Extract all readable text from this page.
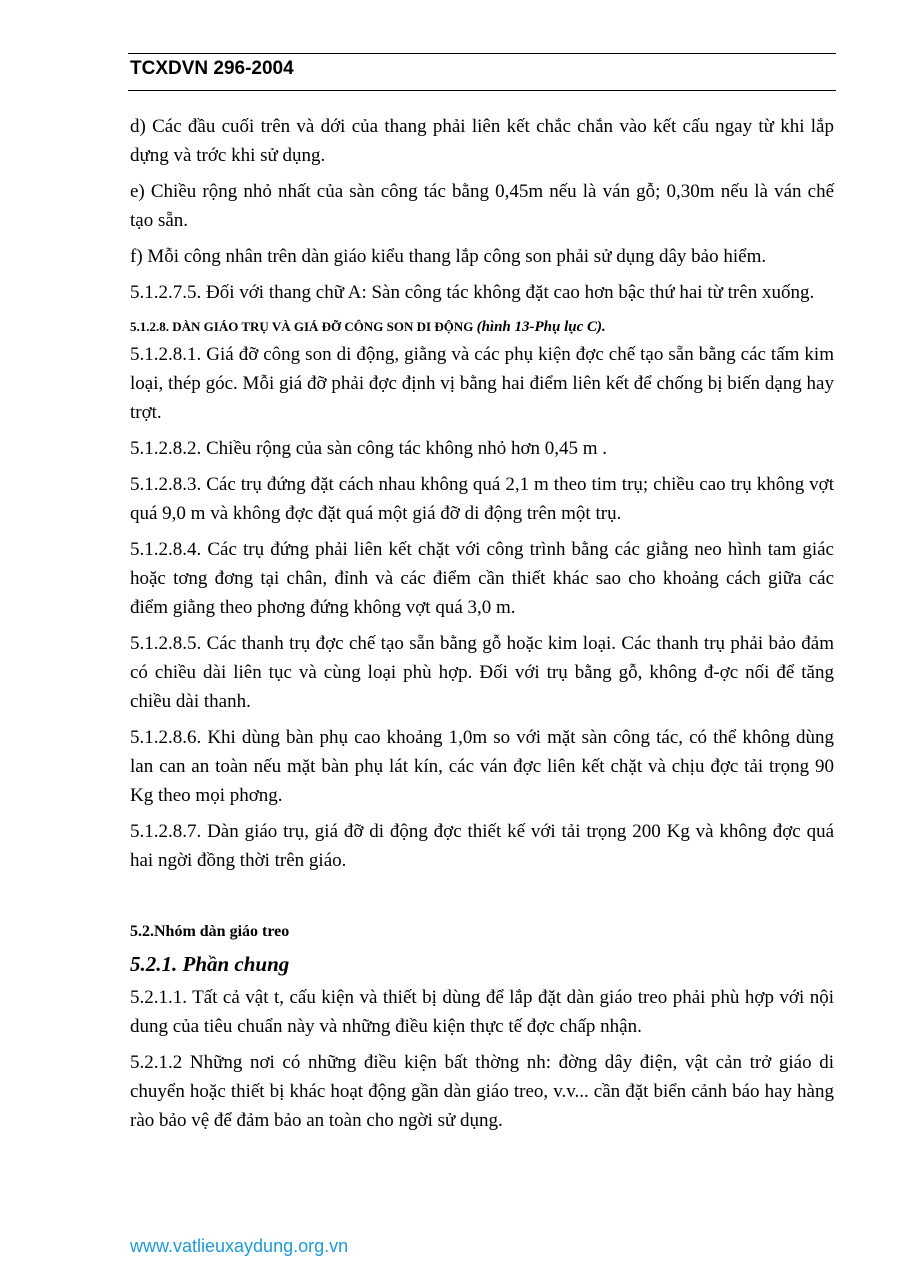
TCXDVN 296-2004

d) Các đầu cuối trên và dới của thang phải liên kết chắc chắn vào kết cấu ngay từ khi lắp dựng và trớc khi sử dụng.

e) Chiều rộng nhỏ nhất của sàn công tác bằng 0,45m nếu là ván gỗ; 0,30m nếu là ván chế tạo sẵn.

f) Mỗi công nhân trên dàn giáo kiểu thang lắp công son phải sử dụng dây bảo hiểm.

5.1.2.7.5. Đối với thang chữ A: Sàn công tác không đặt cao hơn bậc thứ hai từ trên xuống.

5.1.2.8. DÀN GIÁO TRỤ VÀ GIÁ ĐỠ CÔNG SON DI ĐỘNG (hình 13-Phụ lục C).

5.1.2.8.1. Giá đỡ công son di động, giằng và các phụ kiện đợc chế tạo sẵn bằng các tấm kim loại, thép góc. Mỗi giá đỡ phải đợc định vị bằng hai điểm liên kết để chống bị biến dạng hay trợt.

5.1.2.8.2. Chiều rộng của sàn công tác không nhỏ hơn 0,45 m .

5.1.2.8.3. Các trụ đứng đặt cách nhau không quá 2,1 m theo tim trụ; chiều cao trụ không vợt quá 9,0 m và không đợc đặt quá một giá đỡ di động trên một trụ.

5.1.2.8.4. Các trụ đứng phải liên kết chặt với công trình bằng các giằng neo hình tam giác hoặc tơng đơng tại chân, đỉnh và các điểm cần thiết khác sao cho khoảng cách giữa các điểm giằng theo phơng đứng không vợt quá 3,0 m.

5.1.2.8.5. Các thanh trụ đợc chế tạo sẵn bằng gỗ hoặc kim loại. Các thanh trụ phải bảo đảm có chiều dài liên tục và cùng loại phù hợp. Đối với trụ bằng gỗ, không đ-ợc nối để tăng chiều dài thanh.

5.1.2.8.6. Khi dùng bàn phụ cao khoảng 1,0m so với mặt sàn công tác, có thể không dùng lan can an toàn nếu mặt bàn phụ lát kín, các ván đợc liên kết chặt và chịu đợc tải trọng 90 Kg theo mọi phơng.

5.1.2.8.7. Dàn giáo trụ, giá đỡ di động đợc thiết kế với tải trọng 200 Kg và không đợc quá hai ngời đồng thời trên giáo.

5.2.Nhóm dàn giáo treo

5.2.1. Phần chung

5.2.1.1. Tất cả vật t, cấu kiện và thiết bị dùng để lắp đặt dàn giáo treo phải phù hợp với nội dung của tiêu chuẩn này và những điều kiện thực tế đợc chấp nhận.

5.2.1.2 Những nơi có những điều kiện bất thờng nh: đờng dây điện, vật cản trở giáo di chuyển hoặc thiết bị khác hoạt động gần dàn giáo treo, v.v... cần đặt biển cảnh báo hay hàng rào bảo vệ để đảm bảo an toàn cho ngời sử dụng.

www.vatlieuxaydung.org.vn
